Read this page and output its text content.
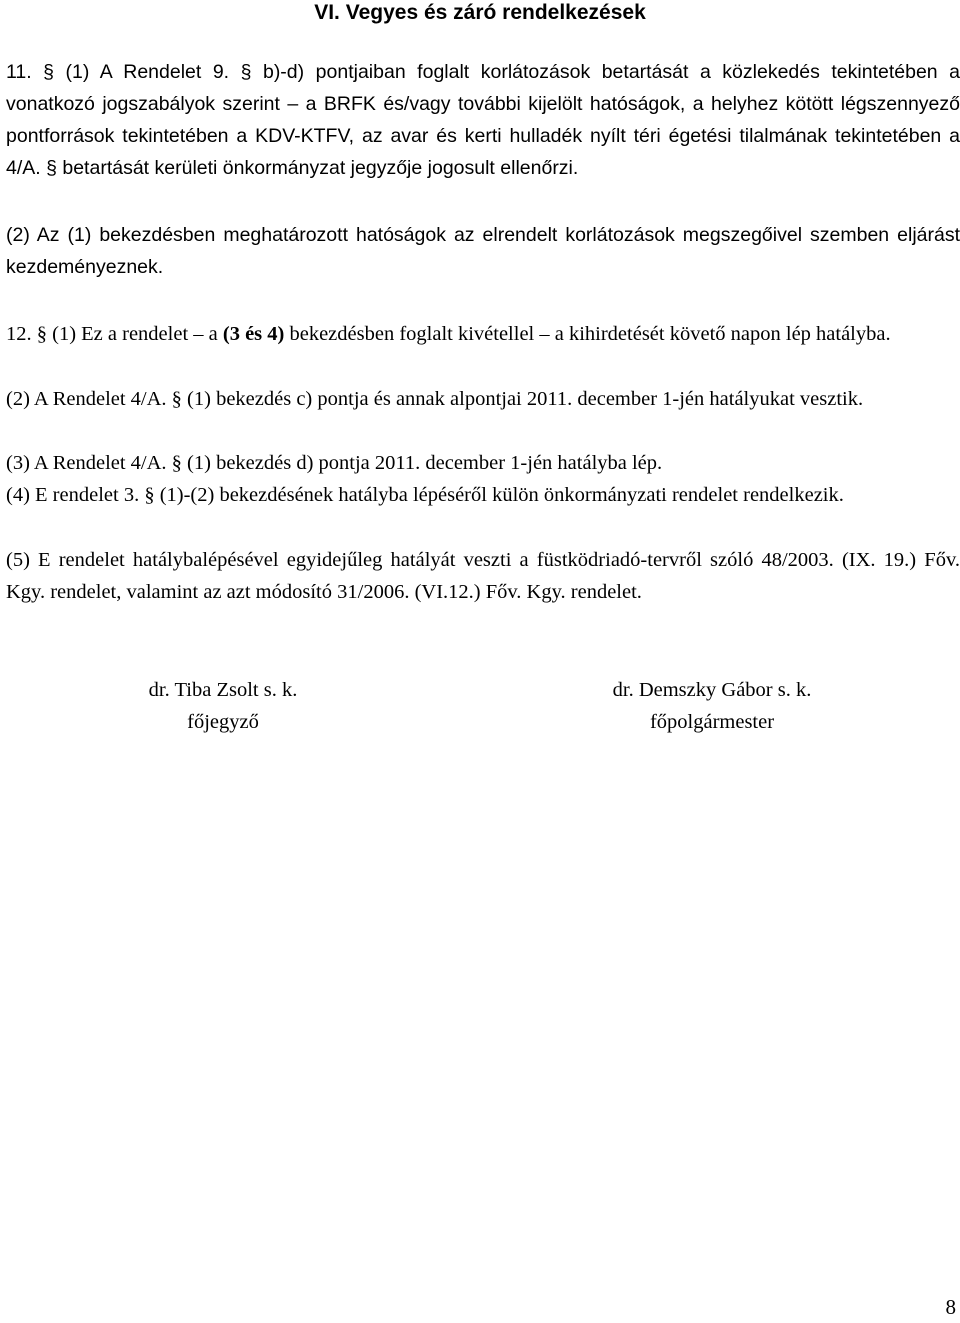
VI. Vegyes és záró rendelkezések

11. § (1) A Rendelet 9. § b)-d) pontjaiban foglalt korlátozások betartását a közlekedés tekintetében a vonatkozó jogszabályok szerint – a BRFK és/vagy további kijelölt hatóságok, a helyhez kötött légszennyező pontforrások tekintetében a KDV-KTFV, az avar és kerti hulladék nyílt téri égetési tilalmának tekintetében a 4/A. § betartását kerületi önkormányzat jegyzője jogosult ellenőrzi.

(2) Az (1) bekezdésben meghatározott hatóságok az elrendelt korlátozások megszegőivel szemben eljárást kezdeményeznek.

12. § (1) Ez a rendelet – a (3 és 4) bekezdésben foglalt kivétellel – a kihirdetését követő napon lép hatályba.

(2) A Rendelet 4/A. § (1) bekezdés c) pontja és annak alpontjai 2011. december 1-jén hatályukat vesztik.

(3) A Rendelet 4/A. § (1) bekezdés d) pontja 2011. december 1-jén hatályba lép.

(4) E rendelet 3. § (1)-(2) bekezdésének hatályba lépéséről külön önkormányzati rendelet rendelkezik.

(5) E rendelet hatálybalépésével egyidejűleg hatályát veszti a füstködriadó-tervről szóló 48/2003. (IX. 19.) Főv. Kgy. rendelet, valamint az azt módosító 31/2006. (VI.12.) Főv. Kgy. rendelet.

dr. Tiba Zsolt s. k.
főjegyző
dr. Demszky Gábor s. k.
főpolgármester
8
